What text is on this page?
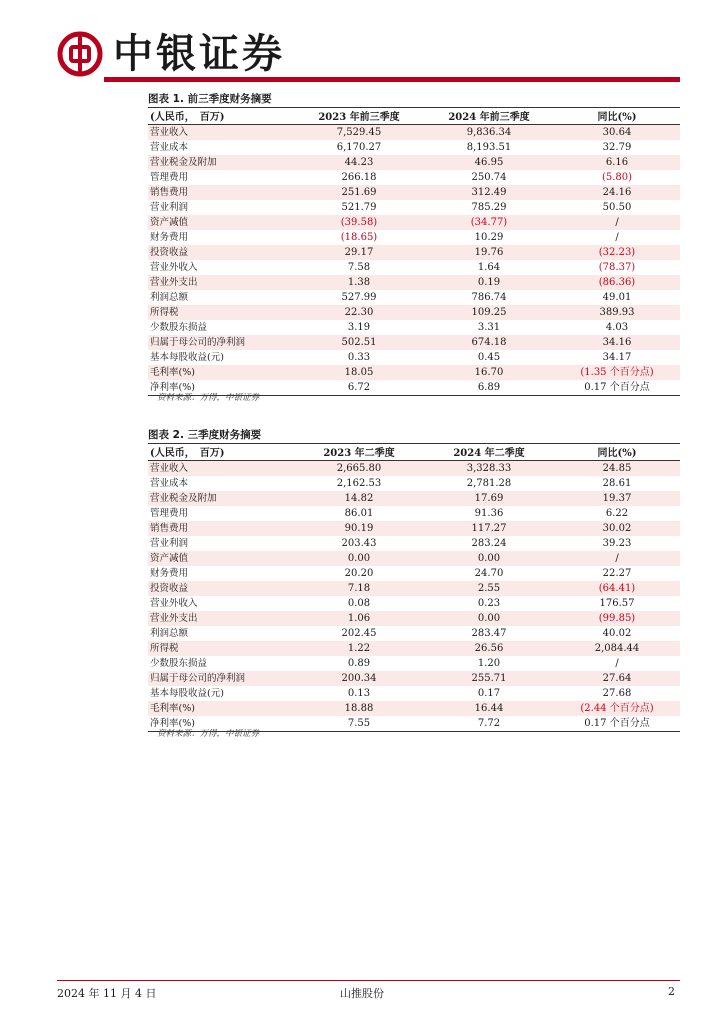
中银证券
图表 1. 前三季度财务摘要
(人民币，　百万)	2023 年前三季度	2024 年前三季度	同比(%)
营业收入	7,529.45	9,836.34	30.64
营业成本	6,170.27	8,193.51	32.79
营业税金及附加	44.23	46.95	6.16
管理费用	266.18	250.74	(5.80)
销售费用	251.69	312.49	24.16
营业利润	521.79	785.29	50.50
资产减值	(39.58)	(34.77)	/
财务费用	(18.65)	10.29	/
投资收益	29.17	19.76	(32.23)
营业外收入	7.58	1.64	(78.37)
营业外支出	1.38	0.19	(86.36)
利润总额	527.99	786.74	49.01
所得税	22.30	109.25	389.93
少数股东损益	3.19	3.31	4.03
归属于母公司的净利润	502.51	674.18	34.16
基本每股收益(元)	0.33	0.45	34.17
毛利率(%)	18.05	16.70	(1.35 个百分点)
净利率(%)	6.72	6.89	0.17 个百分点
资料来源：万得，中银证券
图表 2. 三季度财务摘要
(人民币，　百万)	2023 年二季度	2024 年二季度	同比(%)
营业收入	2,665.80	3,328.33	24.85
营业成本	2,162.53	2,781.28	28.61
营业税金及附加	14.82	17.69	19.37
管理费用	86.01	91.36	6.22
销售费用	90.19	117.27	30.02
营业利润	203.43	283.24	39.23
资产减值	0.00	0.00	/
财务费用	20.20	24.70	22.27
投资收益	7.18	2.55	(64.41)
营业外收入	0.08	0.23	176.57
营业外支出	1.06	0.00	(99.85)
利润总额	202.45	283.47	40.02
所得税	1.22	26.56	2,084.44
少数股东损益	0.89	1.20	/
归属于母公司的净利润	200.34	255.71	27.64
基本每股收益(元)	0.13	0.17	27.68
毛利率(%)	18.88	16.44	(2.44 个百分点)
净利率(%)	7.55	7.72	0.17 个百分点
资料来源：万得，中银证券
2024 年 11 月 4 日	山推股份	2
